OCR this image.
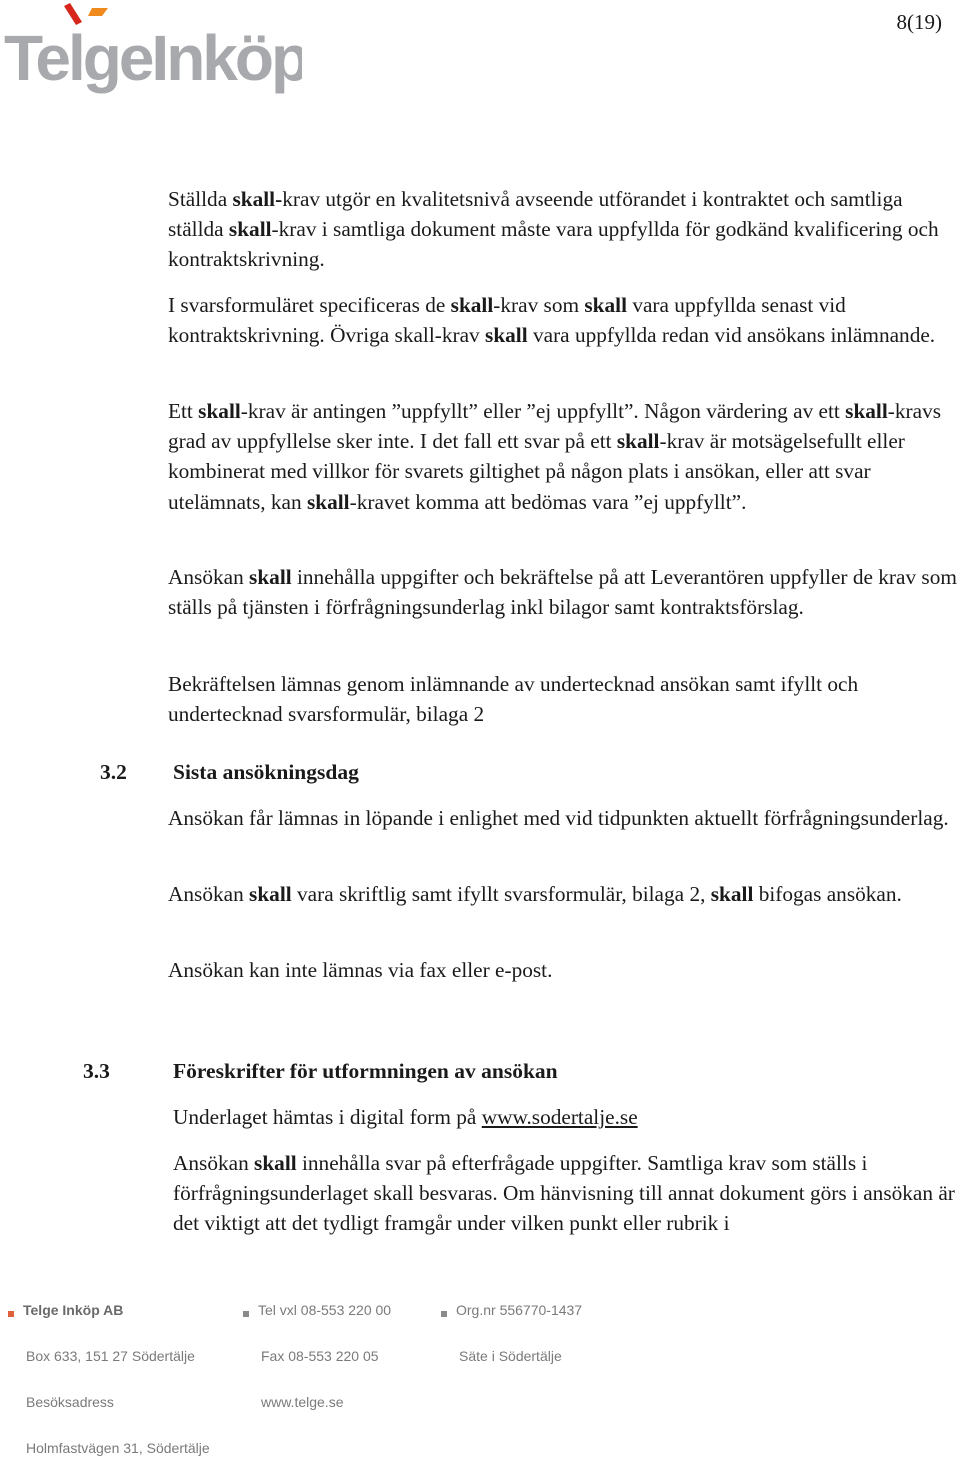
TelgeInköp	8(19)

Ställda skall-krav utgör en kvalitetsnivå avseende utförandet i kontraktet och samtliga ställda skall-krav i samtliga dokument måste vara uppfyllda för godkänd kvalificering och kontraktskrivning.

I svarsformuläret specificeras de skall-krav som skall vara uppfyllda senast vid kontraktskrivning. Övriga skall-krav skall vara uppfyllda redan vid ansökans inlämnande.

Ett skall-krav är antingen ”uppfyllt” eller ”ej uppfyllt”. Någon värdering av ett skall-kravs grad av uppfyllelse sker inte. I det fall ett svar på ett skall-krav är motsägelsefullt eller kombinerat med villkor för svarets giltighet på någon plats i ansökan, eller att svar utelämnats, kan skall-kravet komma att bedömas vara ”ej uppfyllt”.

Ansökan skall innehålla uppgifter och bekräftelse på att Leverantören uppfyller de krav som ställs på tjänsten i förfrågningsunderlag inkl bilagor samt kontraktsförslag.

Bekräftelsen lämnas genom inlämnande av undertecknad ansökan samt ifyllt och undertecknad svarsformulär, bilaga 2

3.2 Sista ansökningsdag

Ansökan får lämnas in löpande i enlighet med vid tidpunkten aktuellt förfrågningsunderlag.

Ansökan skall vara skriftlig samt ifyllt svarsformulär, bilaga 2, skall bifogas ansökan.

Ansökan kan inte lämnas via fax eller e-post.

3.3	Föreskrifter för utformningen av ansökan

Underlaget hämtas i digital form på www.sodertalje.se

Ansökan skall innehålla svar på efterfrågade uppgifter. Samtliga krav som ställs i förfrågningsunderlaget skall besvaras. Om hänvisning till annat dokument görs i ansökan är det viktigt att det tydligt framgår under vilken punkt eller rubrik i

Telge Inköp AB	Tel vxl 08-553 220 00	Org.nr 556770-1437
Box 633, 151 27 Södertälje	Fax 08-553 220 05	Säte i Södertälje
Besöksadress	www.telge.se
Holmfastvägen 31, Södertälje
